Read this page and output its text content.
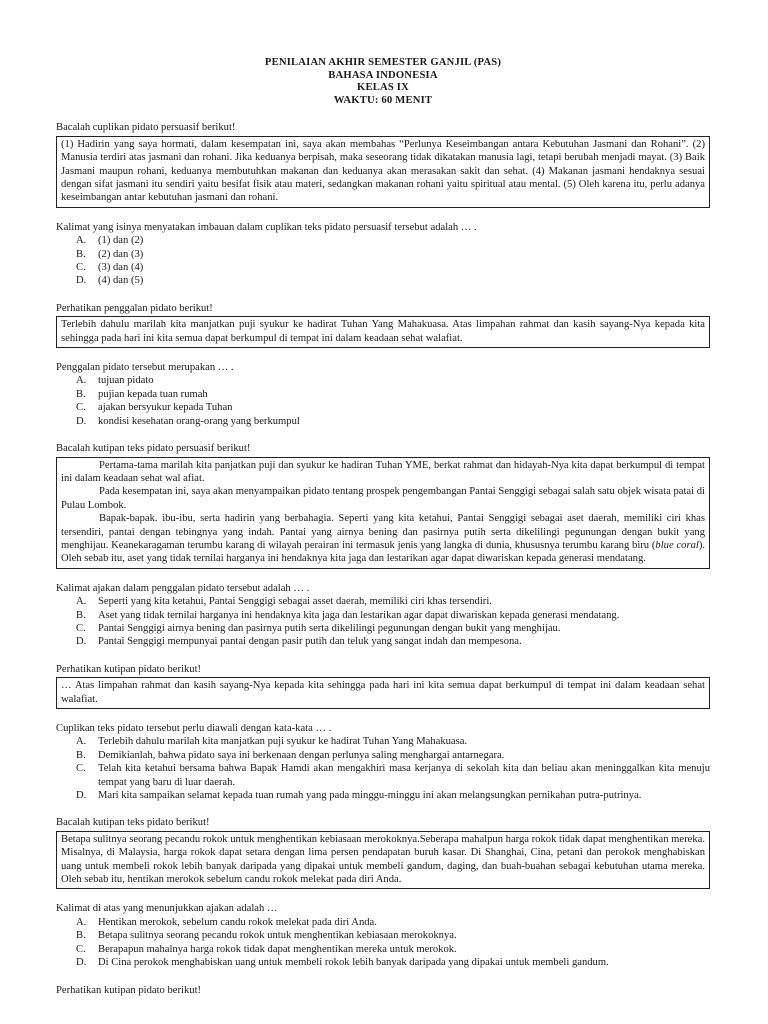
PENILAIAN AKHIR SEMESTER GANJIL (PAS)
BAHASA INDONESIA
KELAS IX
WAKTU: 60 MENIT
Bacalah cuplikan pidato persuasif berikut!

(1) Hadirin yang saya hormati, dalam kesempatan ini, saya akan membahas “Perlunya Keseimbangan antara Kebutuhan Jasmani dan Rohani”. (2) Manusia terdiri atas jasmani dan rohani. Jika keduanya berpisah, maka seseorang tidak dikatakan manusia lagi, tetapi berubah menjadi mayat. (3) Baik Jasmani maupun rohani, keduanya membutuhkan makanan dan keduanya akan merasakan sakit dan sehat. (4) Makanan jasmani hendaknya sesuai dengan sifat jasmani itu sendiri yaitu besifat fisik atau materi, sedangkan makanan rohani yaitu spiritual atau mental. (5) Oleh karena itu, perlu adanya keseimbangan antar kebutuhan jasmani dan rohani.

Kalimat yang isinya menyatakan imbauan dalam cuplikan teks pidato persuasif tersebut adalah … .
A.	(1) dan (2)
B.	(2) dan (3)
C.	(3) dan (4)
D.	(4) dan (5)
Perhatikan penggalan pidato berikut!

Terlebih dahulu marilah kita manjatkan puji syukur ke hadirat Tuhan Yang Mahakuasa. Atas limpahan rahmat dan kasih sayang-Nya kepada kita sehingga pada hari ini kita semua dapat berkumpul di tempat ini dalam keadaan sehat walafiat.

Penggalan pidato tersebut merupakan … .
A.	tujuan pidato
B.	pujian kepada tuan rumah
C.	ajakan bersyukur kepada Tuhan
D.	kondisi kesehatan orang-orang yang berkumpul
Bacalah kutipan teks pidato persuasif berikut!

Pertama-tama marilah kita panjatkan puji dan syukur ke hadiran Tuhan YME, berkat rahmat dan hidayah-Nya kita dapat berkumpul di tempat ini dalam keadaan sehat wal afiat.

Pada kesempatan ini, saya akan menyampaikan pidato tentang prospek pengembangan Pantai Senggigi sebagai salah satu objek wisata patai di Pulau Lombok.

Bapak-bapak. ibu-ibu, serta hadirin yang berbahagia. Seperti yang kita ketahui, Pantai Senggigi sebagai aset daerah, memiliki ciri khas tersendiri, pantai dengan tebingnya yang indah. Pantai yang airnya bening dan pasirnya putih serta dikelilingi pegunungan dengan bukit yang menghijau. Keanekaragaman terumbu karang di wilayah perairan ini termasuk jenis yang langka di dunia, khususnya terumbu karang biru (blue coral). Oleh sebab itu, aset yang tidak ternilai harganya ini hendaknya kita jaga dan lestarikan agar dapat diwariskan kepada generasi mendatang.

Kalimat ajakan dalam penggalan pidato tersebut adalah … .
A.	Seperti yang kita ketahui, Pantai Senggigi sebagai asset daerah, memiliki ciri khas tersendiri.
B.	Aset yang tidak ternilai harganya ini hendaknya kita jaga dan lestarikan agar dapat diwariskan kepada generasi mendatang.
C.	Pantai Senggigi airnya bening dan pasirnya putih serta dikelilingi pegunungan dengan bukit yang menghijau.
D.	Pantai Senggigi mempunyai pantai dengan pasir putih dan teluk yang sangat indah dan mempesona.
Perhatikan kutipan pidato berikut!

… Atas limpahan rahmat dan kasih sayang-Nya kepada kita sehingga pada hari ini kita semua dapat berkumpul di tempat ini dalam keadaan sehat walafiat.

Cuplikan teks pidato tersebut perlu diawali dengan kata-kata … .
A.	Terlebih dahulu marilah kita manjatkan puji syukur ke hadirat Tuhan Yang Mahakuasa.
B.	Demikianlah, bahwa pidato saya ini berkenaan dengan perlunya saling menghargai antarnegara.
C.	Telah kita ketahui bersama bahwa Bapak Hamdi akan mengakhiri masa kerjanya di sekolah kita dan beliau akan meninggalkan kita menuju tempat yang baru di luar daerah.
D.	Mari kita sampaikan selamat kepada tuan rumah yang pada minggu-minggu ini akan melangsungkan pernikahan putra-putrinya.
Bacalah kutipan teks pidato berikut!

Betapa sulitnya seorang pecandu rokok untuk menghentikan kebiasaan merokoknya.Seberapa mahalpun harga rokok tidak dapat menghentikan mereka. Misalnya, di Malaysia, harga rokok dapat setara dengan lima persen pendapatan buruh kasar. Di Shanghai, Cina, petani dan perokok menghabiskan uang untuk membeli rokok lebih banyak daripada yang dipakai untuk membeli gandum, daging, dan buah-buahan sebagai kebutuhan utama mereka. Oleh sebab itu, hentikan merokok sebelum candu rokok melekat pada diri Anda.

Kalimat di atas yang menunjukkan ajakan adalah …
A.	Hentikan merokok, sebelum candu rokok melekat pada diri Anda.
B.	Betapa sulitnya seorang pecandu rokok untuk menghentikan kebiasaan merokoknya.
C.	Berapapun mahalnya harga rokok tidak dapat menghentikan mereka untuk merokok.
D.	Di Cina perokok menghabiskan uang untuk membeli rokok lebih banyak daripada yang dipakai untuk membeli gandum.
Perhatikan kutipan pidato berikut!
